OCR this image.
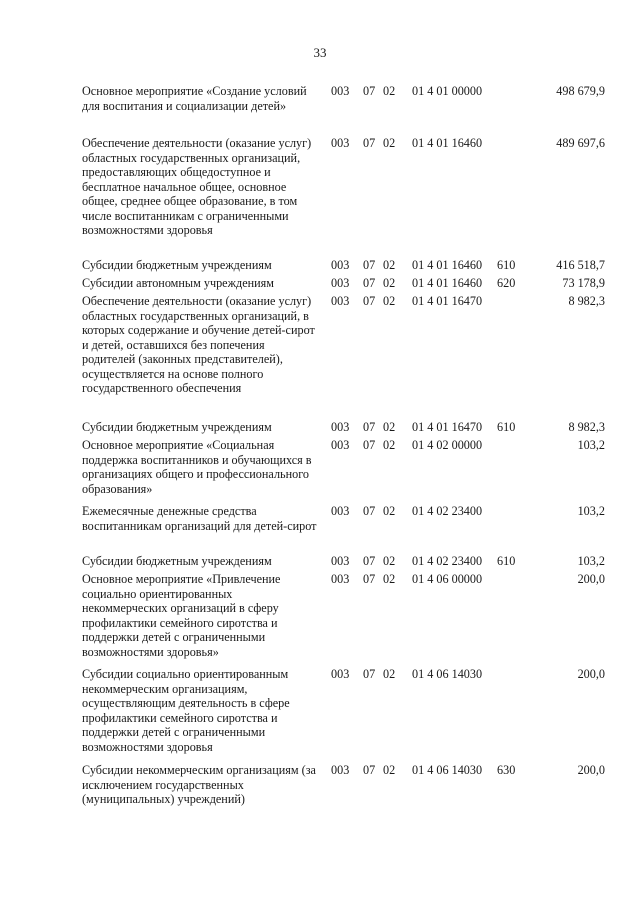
33
Основное мероприятие «Создание условий для воспитания и социализации детей»
003 07 02 01 4 01 00000	498 679,9
Обеспечение деятельности (оказание услуг) областных государственных организаций, предоставляющих общедоступное и бесплатное начальное общее, основное общее, среднее общее образование, в том числе воспитанникам с ограниченными возможностями здоровья
003 07 02 01 4 01 16460	489 697,6
Субсидии бюджетным учреждениям	003 07 02 01 4 01 16460 610	416 518,7
Субсидии автономным учреждениям	003 07 02 01 4 01 16460 620	73 178,9
Обеспечение деятельности (оказание услуг) областных государственных организаций, в которых содержание и обучение детей-сирот и детей, оставшихся без попечения родителей (законных представителей), осуществляется на основе полного государственного обеспечения
003 07 02 01 4 01 16470	8 982,3
Субсидии бюджетным учреждениям	003 07 02 01 4 01 16470 610	8 982,3
Основное мероприятие «Социальная поддержка воспитанников и обучающихся в организациях общего и профессионального образования»
003 07 02 01 4 02 00000	103,2
Ежемесячные денежные средства воспитанникам организаций для детей-сирот
003 07 02 01 4 02 23400	103,2
Субсидии бюджетным учреждениям	003 07 02 01 4 02 23400 610	103,2
Основное мероприятие «Привлечение социально ориентированных некоммерческих организаций в сферу профилактики семейного сиротства и поддержки детей с ограниченными возможностями здоровья»
003 07 02 01 4 06 00000	200,0
Субсидии социально ориентированным некоммерческим организациям, осуществляющим деятельность в сфере профилактики семейного сиротства и поддержки детей с ограниченными возможностями здоровья
003 07 02 01 4 06 14030	200,0
Субсидии некоммерческим организациям (за исключением государственных (муниципальных) учреждений)
003 07 02 01 4 06 14030 630	200,0
